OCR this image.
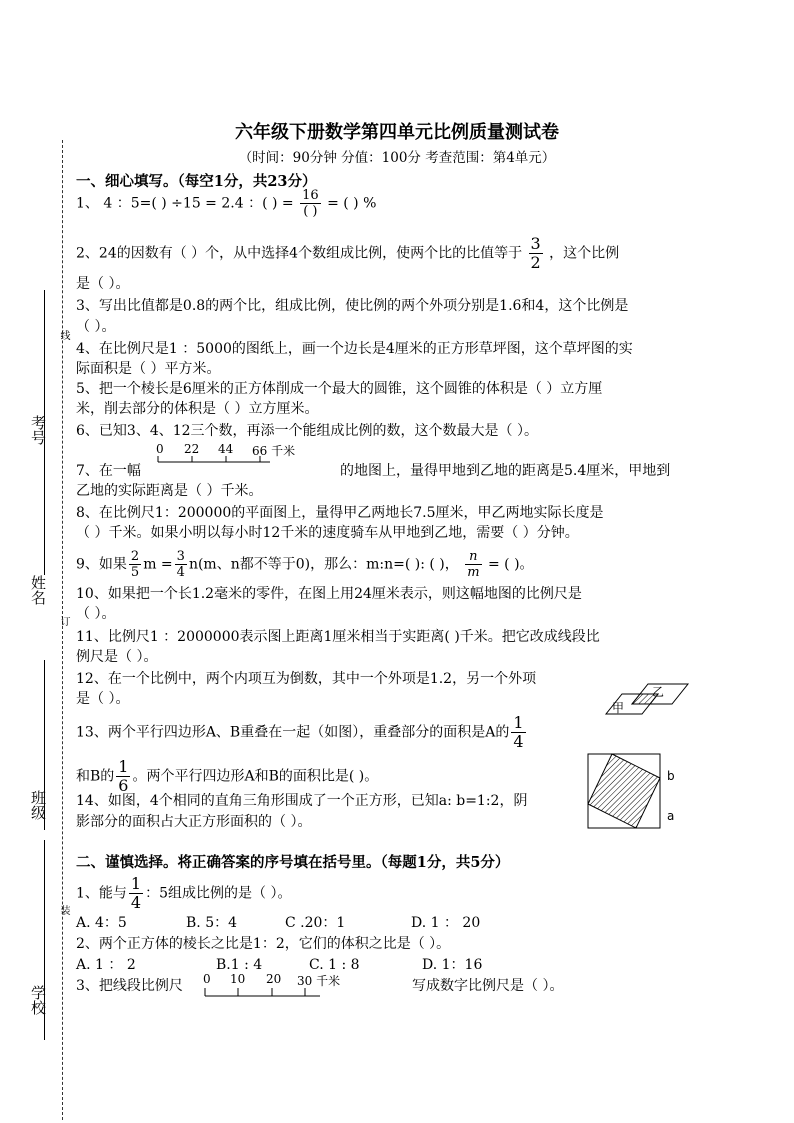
线
考号
姓名
订
班级
装
学校
六年级下册数学第四单元比例质量测试卷
（时间：90分钟 分值：100分 考查范围：第4单元）
一、细心填写。（每空1分，共23分）
1、 4 ：5=( ) ÷15 = 2.4 ：( ) = $\frac{16}{( )}$ = ( ) %
2、24的因数有（ ）个，从中选择4个数组成比例，使两个比的比值等于 $\frac{3}{2}$ ，这个比例
是（ ）。
3、写出比值都是0.8的两个比，组成比例，使比例的两个外项分别是1.6和4，这个比例是
（ ）。
4、在比例尺是1 ：5000的图纸上，画一个边长是4厘米的正方形草坪图，这个草坪图的实
际面积是（ ）平方米。
5、把一个棱长是6厘米的正方体削成一个最大的圆锥，这个圆锥的体积是（ ）立方厘
米，削去部分的体积是（ ）立方厘米。
6、已知3、4、12三个数，再添一个能组成比例的数，这个数最大是（ ）。
7、在一幅
0 22 44 66 千米
的地图上，量得甲地到乙地的距离是5.4厘米，甲地到
乙地的实际距离是（ ）千米。
8、在比例尺1：200000的平面图上，量得甲乙两地长7.5厘米，甲乙两地实际长度是
（ ）千米。如果小明以每小时12千米的速度骑车从甲地到乙地，需要（ ）分钟。
9、如果 $\frac{2}{5}$ $m = \frac{3}{4} n(m$、n都不等于0)，那么：m:n=( ): ( )， $\frac{n}{m}$ = ( )。
10、如果把一个长1.2毫米的零件，在图上用24厘米表示，则这幅地图的比例尺是
（ ）。
11、比例尺1 ：2000000表示图上距离1厘米相当于实距离( )千米。把它改成线段比
例尺是（ ）。
12、在一个比例中，两个内项互为倒数，其中一个外项是1.2，另一个外项
是（ ）。
甲
乙
13、两个平行四边形A、B重叠在一起（如图），重叠部分的面积是A的 $\frac{1}{4}$
和B的 $\frac{1}{6}$ 。两个平行四边形A和B的面积比是( )。	b
a
14、如图，4个相同的直角三角形围成了一个正方形，已知a: b=1:2，阴
影部分的面积占大正方形面积的（ ）。
二、谨慎选择。将正确答案的序号填在括号里。（每题1分，共5分）
1、能与 $\frac{1}{4}$ ：5组成比例的是（ ）。
A. 4：5	B. 5：4	C .20：1	D. 1 ： 20
2、两个正方体的棱长之比是1：2，它们的体积之比是（ ）。
A. 1 ： 2	B.1 : 4	C. 1 : 8	D. 1：16
3、把线段比例尺 0 10 20 30 千米	写成数字比例尺是（ ）。
